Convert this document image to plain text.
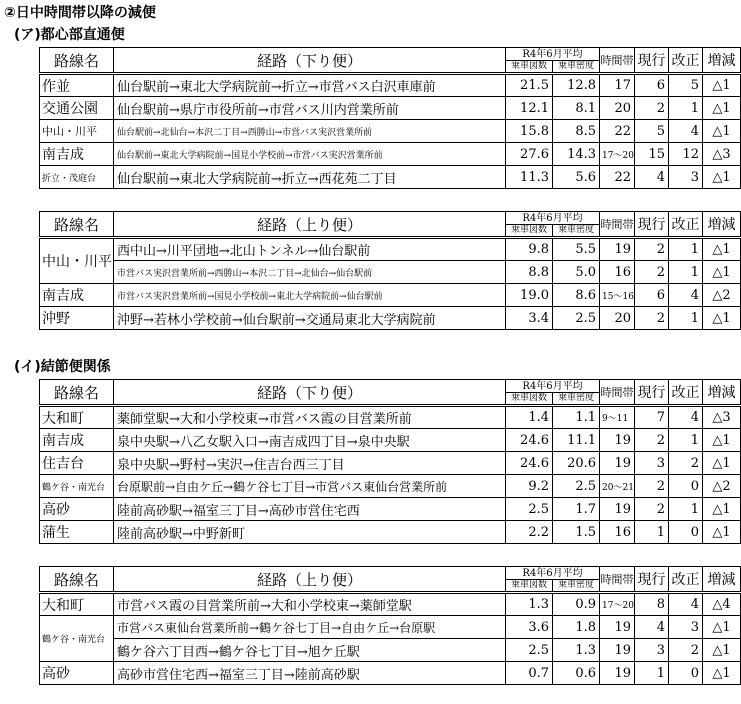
②日中時間帯以降の減便
(ア)都心部直通便
路線名	経路（下り便）	R4年6月平均		時間帯	現行	改正	増減
		乗車図数	乗車密度				
作並	仙台駅前→東北大学病院前→折立→市営バス白沢車庫前	21.5	12.8	17	6	5	△1
交通公園	仙台駅前→県庁市役所前→市営バス川内営業所前	12.1	8.1	20	2	1	△1
中山・川平	仙台駅前→北仙台→本沢二丁目→西勝山→市営バス実沢営業所前	15.8	8.5	22	5	4	△1
南吉成	仙台駅前→東北大学病院前→国見小学校前→市営バス実沢営業所前	27.6	14.3	17～20	15	12	△3
折立・茂庭台	仙台駅前→東北大学病院前→折立→西花苑二丁目	11.3	5.6	22	4	3	△1
路線名	経路（上り便）	R4年6月平均		時間帯	現行	改正	増減
		乗車図数	乗車密度				
中山・川平	西中山→川平団地→北山トンネル→仙台駅前	9.8	5.5	19	2	1	△1
	市営バス実沢営業所前→西勝山→本沢二丁目→北仙台→仙台駅前	8.8	5.0	16	2	1	△1
南吉成	市営バス実沢営業所前→国見小学校前→東北大学病院前→仙台駅前	19.0	8.6	15～16	6	4	△2
沖野	沖野→若林小学校前→仙台駅前→交通局東北大学病院前	3.4	2.5	20	2	1	△1
(イ)結節便関係
路線名	経路（下り便）	R4年6月平均		時間帯	現行	改正	増減
		乗車図数	乗車密度				
大和町	薬師堂駅→大和小学校東→市営バス霞の目営業所前	1.4	1.1	9～11	7	4	△3
南吉成	泉中央駅→八乙女駅入口→南吉成四丁目→泉中央駅	24.6	11.1	19	2	1	△1
住吉台	泉中央駅→野村→実沢→住吉台西三丁目	24.6	20.6	19	3	2	△1
鶴ケ谷・南光台	台原駅前→自由ケ丘→鶴ケ谷七丁目→市営バス東仙台営業所前	9.2	2.5	20～21	2	0	△2
高砂	陸前高砂駅→福室三丁目→高砂市営住宅西	2.5	1.7	19	2	1	△1
蒲生	陸前高砂駅→中野新町	2.2	1.5	16	1	0	△1
路線名	経路（上り便）	R4年6月平均		時間帯	現行	改正	増減
		乗車図数	乗車密度				
大和町	市営バス霞の目営業所前→大和小学校東→薬師堂駅	1.3	0.9	17～20	8	4	△4
鶴ケ谷・南光台	市営バス東仙台営業所前→鶴ケ谷七丁目→自由ケ丘→台原駅	3.6	1.8	19	4	3	△1
	鶴ケ谷六丁目西→鶴ケ谷七丁目→旭ケ丘駅	2.5	1.3	19	3	2	△1
高砂	高砂市営住宅西→福室三丁目→陸前高砂駅	0.7	0.6	19	1	0	△1
